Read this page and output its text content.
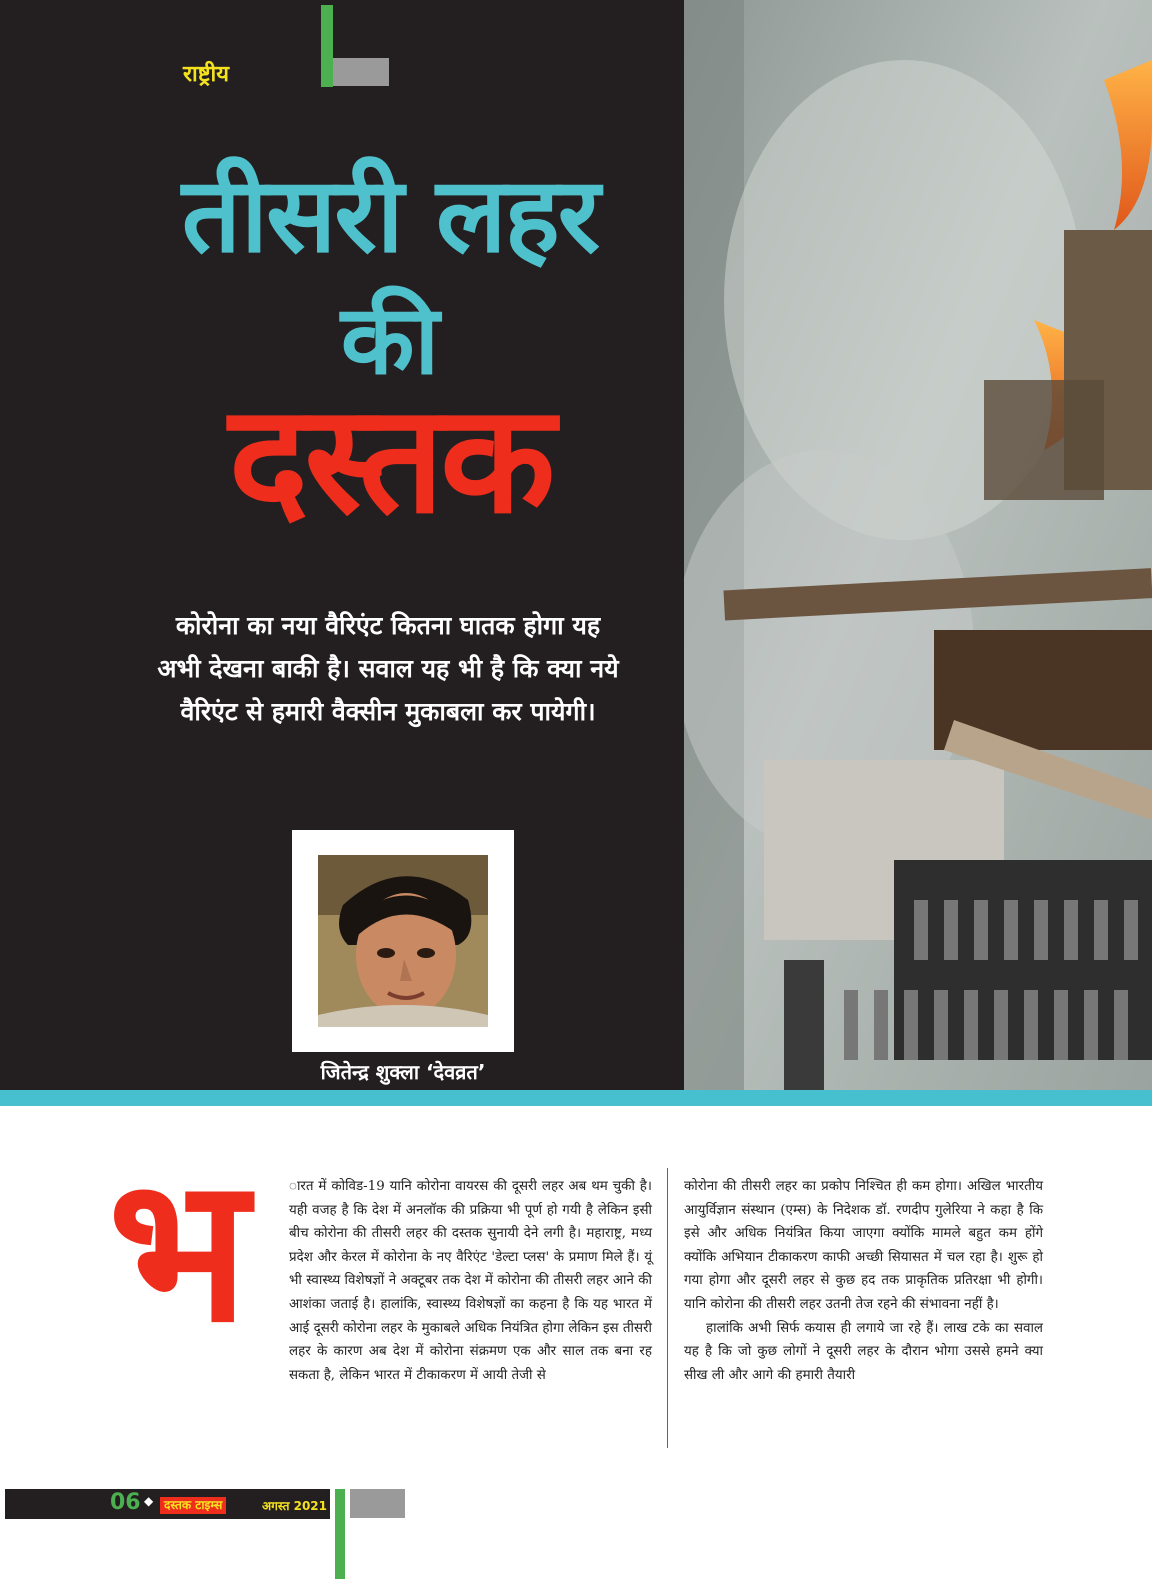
राष्ट्रीय
तीसरी लहर
की
दस्तक
कोरोना का नया वैरिएंट कितना घातक होगा यह
अभी देखना बाकी है। सवाल यह भी है कि क्या नये
वैरिएंट से हमारी वैक्सीन मुकाबला कर पायेगी।
जितेन्द्र शुक्ला ‘देवव्रत’
भ	ारत में कोविड-19 यानि कोरोना वायरस की दूसरी लहर अब थम चुकी है। यही वजह है कि देश में अनलॉक की प्रक्रिया भी पूर्ण हो गयी है लेकिन इसी बीच कोरोना की तीसरी लहर की दस्तक सुनायी देने लगी है। महाराष्ट्र, मध्य प्रदेश और केरल में कोरोना के नए वैरिएंट 'डेल्टा प्लस' के प्रमाण मिले हैं। यूं भी स्वास्थ्य विशेषज्ञों ने अक्टूबर तक देश में कोरोना की तीसरी लहर आने की आशंका जताई है। हालांकि, स्वास्थ्य विशेषज्ञों का कहना है कि यह भारत में आई दूसरी कोरोना लहर के मुकाबले अधिक नियंत्रित होगा लेकिन इस तीसरी लहर के कारण अब देश में कोरोना संक्रमण एक और साल तक बना रह सकता है, लेकिन भारत में टीकाकरण में आयी तेजी से

कोरोना की तीसरी लहर का प्रकोप निश्चित ही कम होगा। अखिल भारतीय आयुर्विज्ञान संस्थान (एम्स) के निदेशक डॉ. रणदीप गुलेरिया ने कहा है कि इसे और अधिक नियंत्रित किया जाएगा क्योंकि मामले बहुत कम होंगे क्योंकि अभियान टीकाकरण काफी अच्छी सियासत में चल रहा है। शुरू हो गया होगा और दूसरी लहर से कुछ हद तक प्राकृतिक प्रतिरक्षा भी होगी। यानि कोरोना की तीसरी लहर उतनी तेज रहने की संभावना नहीं है।

हालांकि अभी सिर्फ कयास ही लगाये जा रहे हैं। लाख टके का सवाल यह है कि जो कुछ लोगों ने दूसरी लहर के दौरान भोगा उससे हमने क्या सीख ली और आगे की हमारी तैयारी

06 ◆ दस्तक टाइम्स	अगस्त 2021
